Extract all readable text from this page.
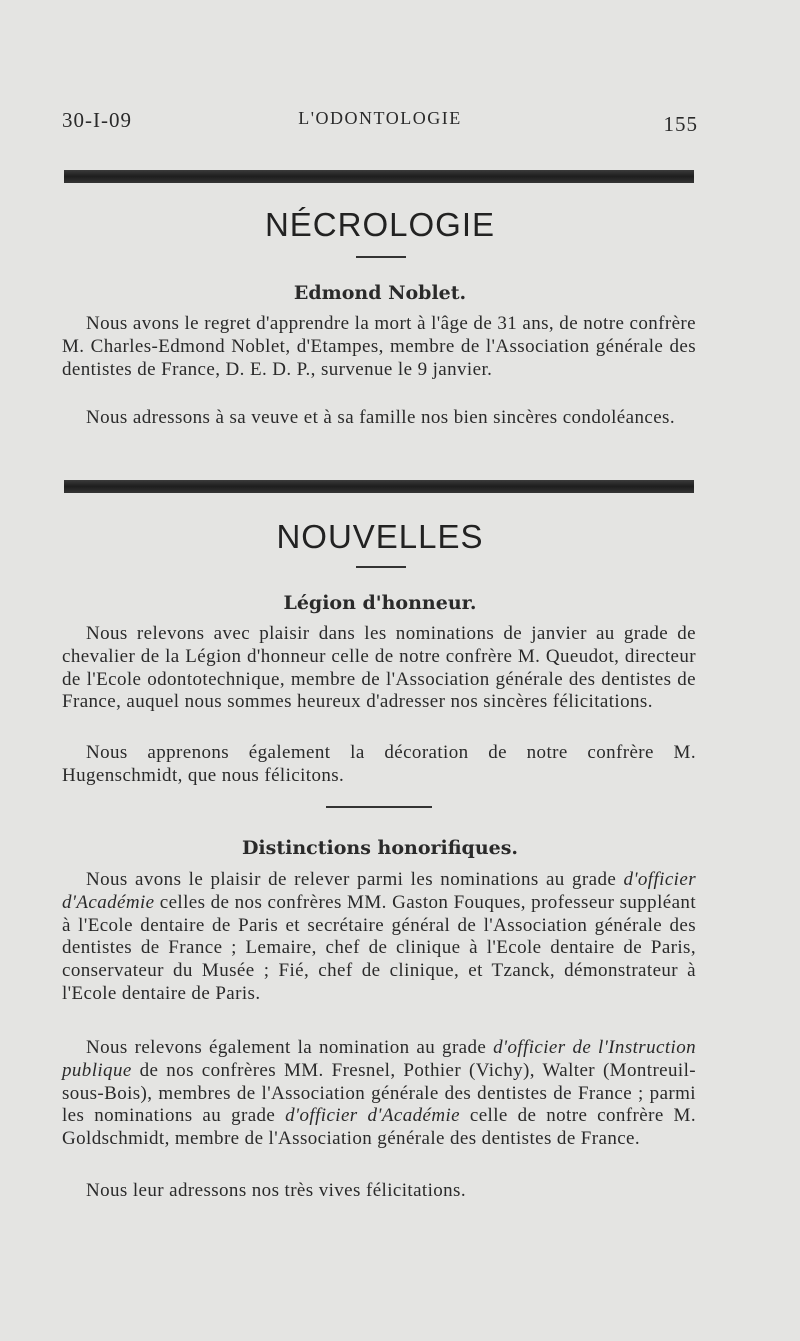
30-I-09	L'ODONTOLOGIE	155
NÉCROLOGIE
Edmond Noblet.
Nous avons le regret d'apprendre la mort à l'âge de 31 ans, de notre confrère M. Charles-Edmond Noblet, d'Etampes, membre de l'Association générale des dentistes de France, D. E. D. P., survenue le 9 janvier.
Nous adressons à sa veuve et à sa famille nos bien sincères condoléances.
NOUVELLES
Légion d'honneur.
Nous relevons avec plaisir dans les nominations de janvier au grade de chevalier de la Légion d'honneur celle de notre confrère M. Queudot, directeur de l'Ecole odontotechnique, membre de l'Association générale des dentistes de France, auquel nous sommes heureux d'adresser nos sincères félicitations.
Nous apprenons également la décoration de notre confrère M. Hugenschmidt, que nous félicitons.
Distinctions honorifiques.
Nous avons le plaisir de relever parmi les nominations au grade d'officier d'Académie celles de nos confrères MM. Gaston Fouques, professeur suppléant à l'Ecole dentaire de Paris et secrétaire général de l'Association générale des dentistes de France ; Lemaire, chef de clinique à l'Ecole dentaire de Paris, conservateur du Musée ; Fié, chef de clinique, et Tzanck, démonstrateur à l'Ecole dentaire de Paris.
Nous relevons également la nomination au grade d'officier de l'Instruction publique de nos confrères MM. Fresnel, Pothier (Vichy), Walter (Montreuil-sous-Bois), membres de l'Association générale des dentistes de France ; parmi les nominations au grade d'officier d'Académie celle de notre confrère M. Goldschmidt, membre de l'Association générale des dentistes de France.
Nous leur adressons nos très vives félicitations.
